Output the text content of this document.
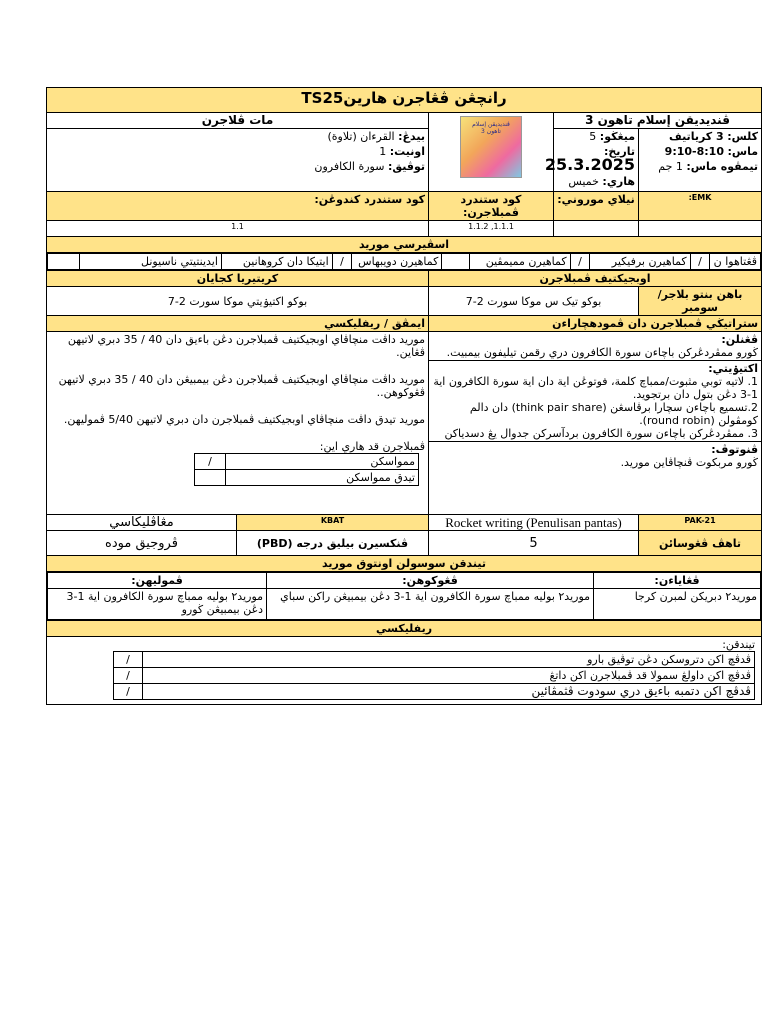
رانچڠن ڤڠاجرن هارينTS25
مات ڤلاجرن	ڤنديديقن إسلام تاهون 3
	ڤنديديقن إسلام تاهون 3

بيدڠ: القرءان (تلاوة)
اونيت: 1
توڤيق: سورة الكافرون

ميڠڬو: 5
تاريخ: 25.3.2025
هاري: خميس

كلس: 3 كرياتيف
ماس: 8:10-9:10
تيمڤوه ماس: 1 جم

كود ستندرد كندوڠن:	كود ستندرد ڤمبلاجرن:	نيلاي موروني:	EMK:
1.1	1.1.1, 1.1.2		
اسڤيرسي موريد

ڤڠتاهوا ن	/	كماهيرن برفيكير	/	كماهيرن مميمڤين		كماهيرن دويبهاس	/	ايتيكا دان كروهانين	ايدينتيتي ناسيونل	

كريتيريا كجايان	اوبجيكتيف ڤمبلاجرن
بوكو اكتيۏيتي موكا سورت 2-7	بوكو تيک س موکا سورت 2-7	باهن بنتو بلاجر/ سومبر
ايمڤق / ريفليكسي	ستراتيڬي ڤمبلاجرن دان ڤمودهچاراءن

موريد داڤت منچاڤاي اوبجيكتيف ڤمبلاجرن دڠن باءيق دان 40 / 35 دبري لاتيهن ڤڠاين.
موريد داڤت منچاڤاي اوبجيكتيف ڤمبلاجرن دڠن بيمبيڠن دان 40 / 35 دبري لاتيهن ڤڠوكوهن..
موريد تيدق داڤت منچاڤاي اوبجيكتيف ڤمبلاجرن دان دبري لاتيهن 5/40 ڤموليهن.
ڤمبلاجرن قد هاري اين:
ممواسكن	/
تيدق ممواسكن	

ڤڠنلن:
ڬورو ممڤردڠرکن باچاءن سورة الكافرون دري رقمن تيليفون بيمبيت.
اکتيۏيتي:
1. لاتيه توبي مثبوت/ممباچ كلمة، فوتوڠن اية دان اية سورة الكافرون اية 1-3 دڠن بتول دان برتجويد.
2.تسميع باچاءن سچارا برڤاسڠن (think pair share) دان دالم كومڤولن (round robin).
3. ممڤردڠرکن باچاءن سورة الكافرون بردآسركن جدوال يڠ دسدياكن
ڤنوتوڤ:
ڬورو مربكوت ڤنچاڤاين موريد.

مڠاڤليكاسي	KBAT	Rocket writing (Penulisan pantas)	PAK-21
ڤروجيق موده	ڤنكسيرن بيليق درجه (PBD)	5	تاهڤ ڤڠوسائن
تيندقن سوسولن اونتوق موريد

ڤڠاياءن:	ڤڠوكوهن:	ڤموليهن:
موريد٢ دبريكن لمبرن كرجا	موريد٢ بوليه ممباچ سورة الكافرون اية 1-3 دڠن بيمبيڠن راكن سباي	موريد٢ بوليه ممباچ سورة الكافرون اية 1-3 دڠن بيمبيڠن ڬورو

ريفليكسي

تيندقن:
ڤدڤچ اکن دتروسكن دڠن توڤيق بارو	/
ڤدڤچ اکن داولڠ سمولا قد ڤمبلاجرن اکن داتڠ	/
ڤدڤچ اکن دتمبه باءيق دري سودوت ڤثمڤائين	/
